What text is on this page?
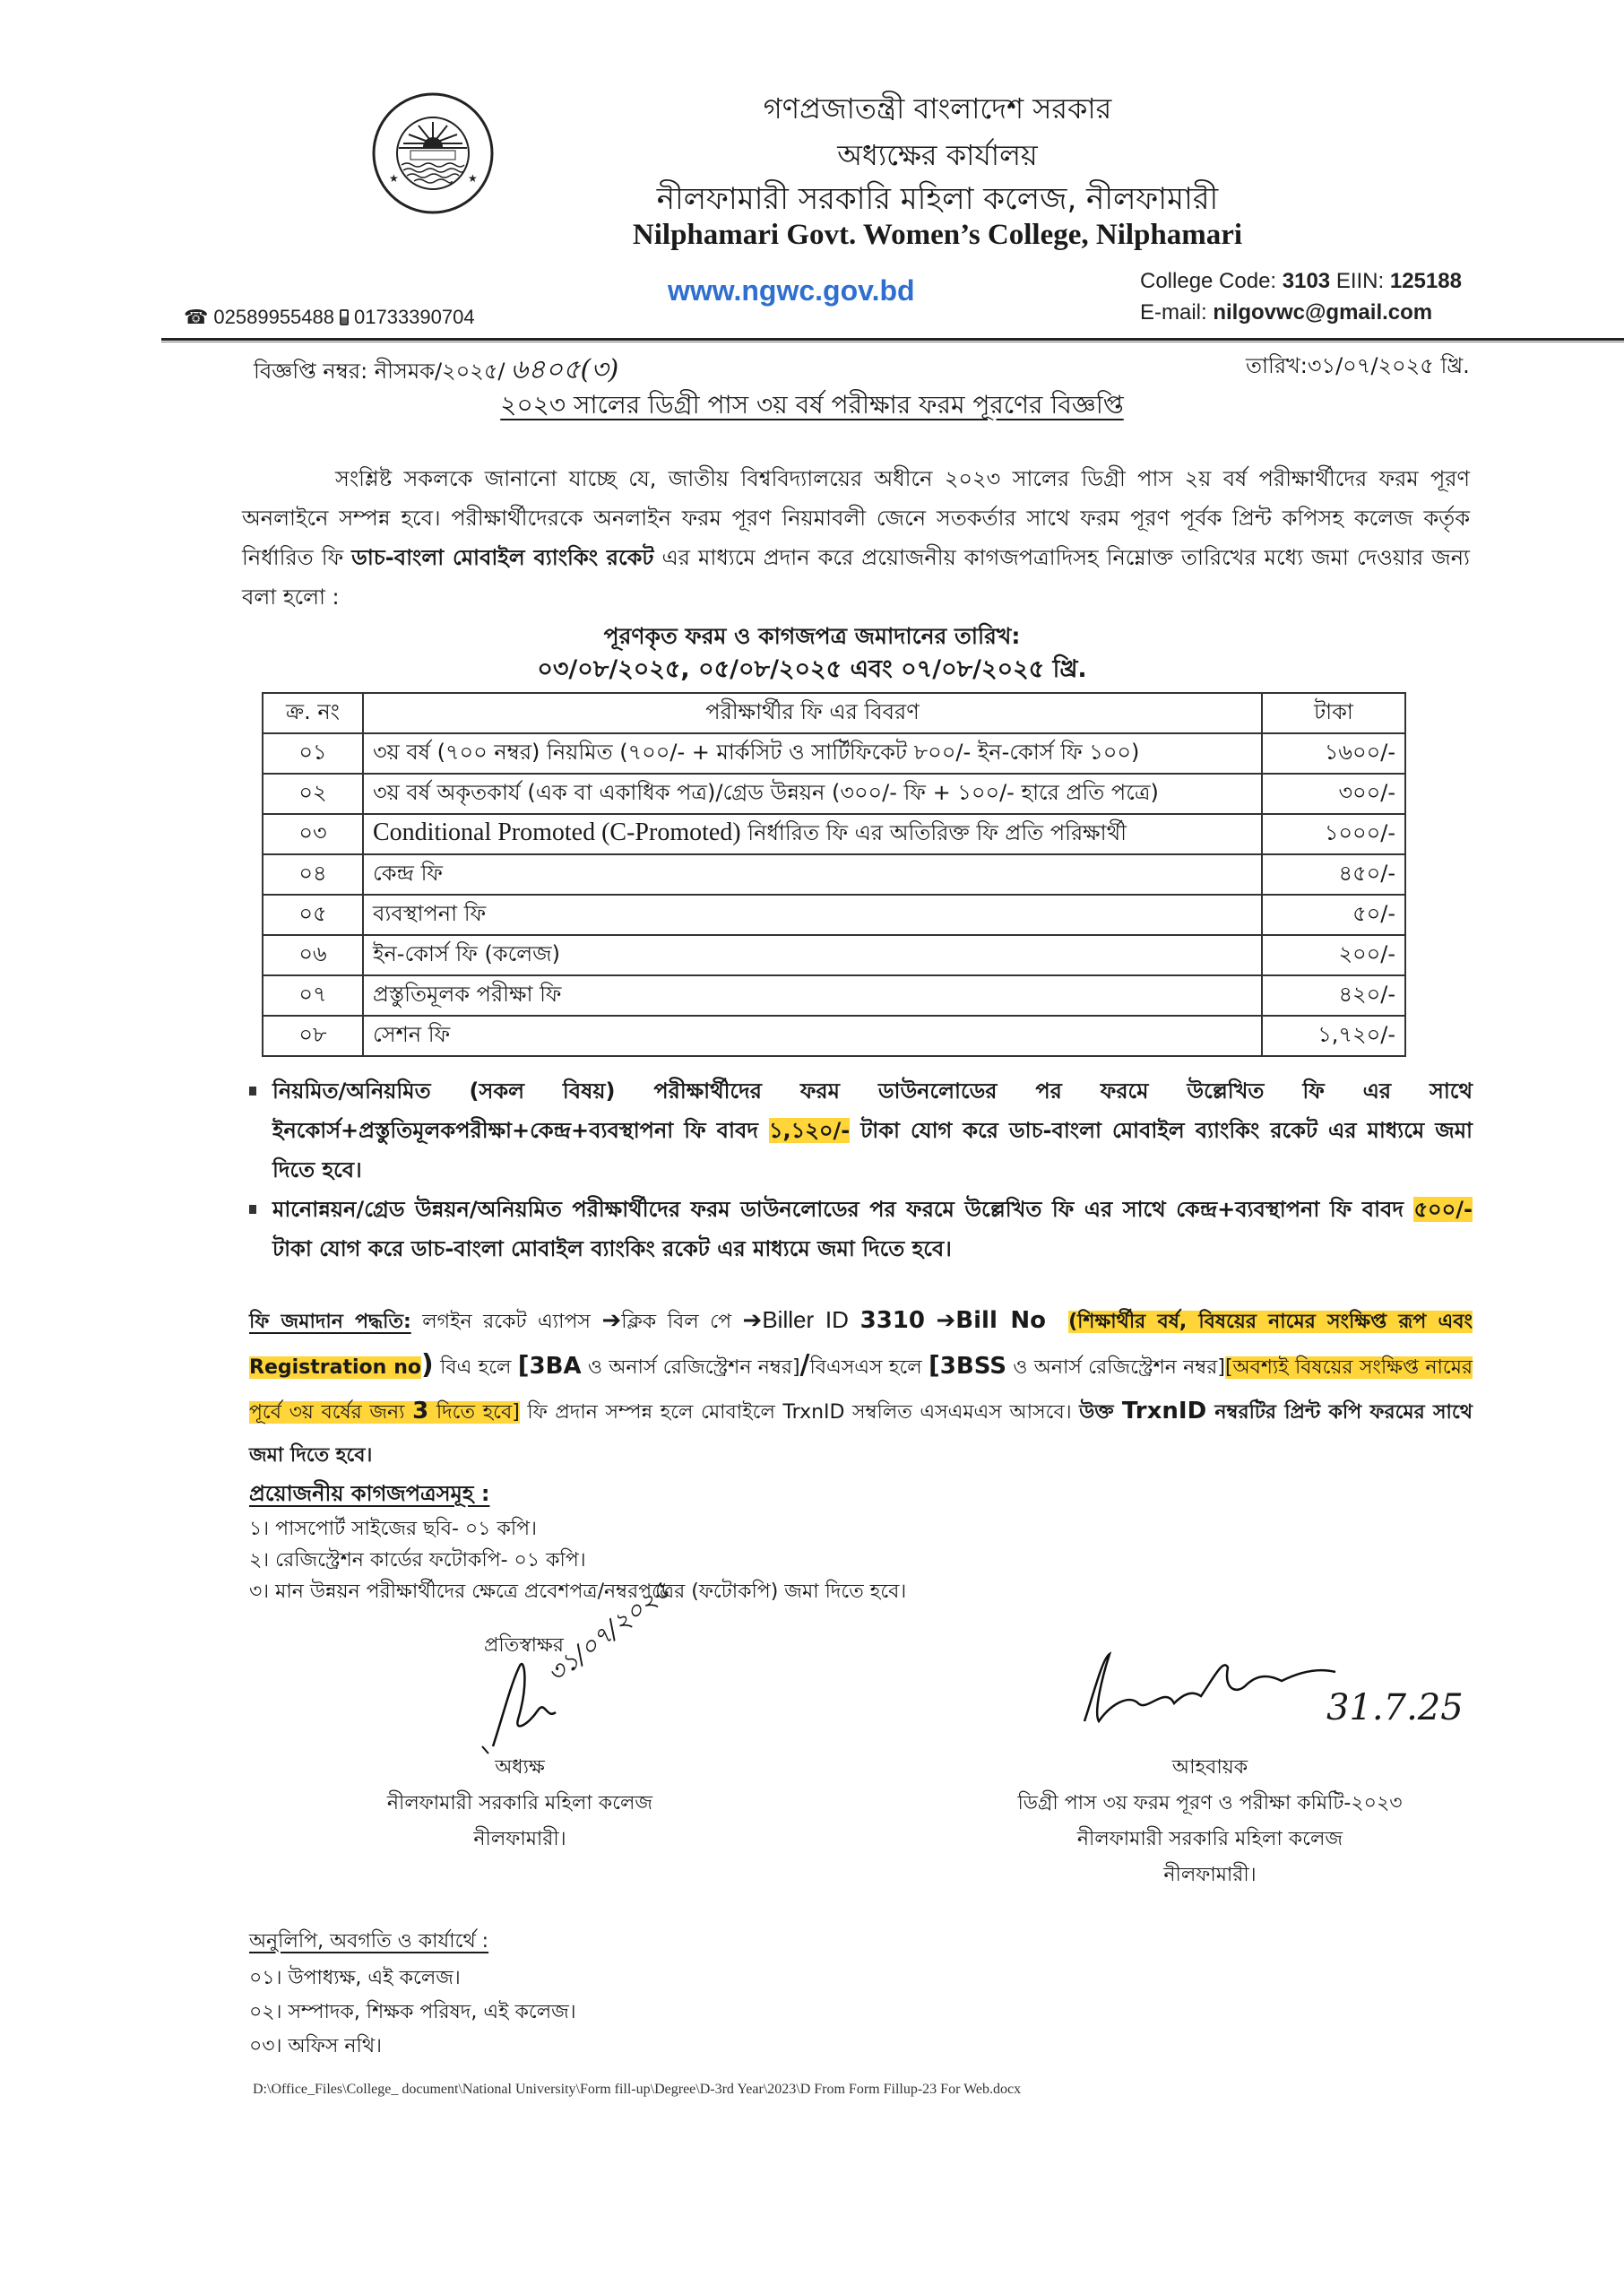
★	★
গণপ্রজাতন্ত্রী বাংলাদেশ সরকার
অধ্যক্ষের কার্যালয়
নীলফামারী সরকারি মহিলা কলেজ, নীলফামারী
Nilphamari Govt. Women’s College, Nilphamari
www.ngwc.gov.bd	College Code: 3103 EIIN: 125188
E-mail: nilgovwc@gmail.com
☎ 02589955488 01733390704
বিজ্ঞপ্তি নম্বর: নীসমক/২০২৫/ ৬৪০৫(৩)	তারিখ:৩১/০৭/২০২৫ খ্রি.
২০২৩ সালের ডিগ্রী পাস ৩য় বর্ষ পরীক্ষার ফরম পূরণের বিজ্ঞপ্তি
সংশ্লিষ্ট সকলকে জানানো যাচ্ছে যে, জাতীয় বিশ্ববিদ্যালয়ের অধীনে ২০২৩ সালের ডিগ্রী পাস ২য় বর্ষ পরীক্ষার্থীদের ফরম পূরণ অনলাইনে সম্পন্ন হবে। পরীক্ষার্থীদেরকে অনলাইন ফরম পূরণ নিয়মাবলী জেনে সতকর্তার সাথে ফরম পূরণ পূর্বক প্রিন্ট কপিসহ কলেজ কর্তৃক নির্ধারিত ফি ডাচ-বাংলা মোবাইল ব্যাংকিং রকেট এর মাধ্যমে প্রদান করে প্রয়োজনীয় কাগজপত্রাদিসহ নিম্নোক্ত তারিখের মধ্যে জমা দেওয়ার জন্য বলা হলো :
পূরণকৃত ফরম ও কাগজপত্র জমাদানের তারিখ:
০৩/০৮/২০২৫, ০৫/০৮/২০২৫ এবং ০৭/০৮/২০২৫ খ্রি.
ক্র. নং	পরীক্ষার্থীর ফি এর বিবরণ	টাকা
০১	৩য় বর্ষ (৭০০ নম্বর) নিয়মিত (৭০০/- + মার্কসিট ও সার্টিফিকেট ৮০০/- ইন-কোর্স ফি ১০০)	১৬০০/-
০২	৩য় বর্ষ অকৃতকার্য (এক বা একাধিক পত্র)/গ্রেড উন্নয়ন (৩০০/- ফি + ১০০/- হারে প্রতি পত্রে)	৩০০/-
০৩	Conditional Promoted (C-Promoted) নির্ধারিত ফি এর অতিরিক্ত ফি প্রতি পরিক্ষার্থী	১০০০/-
০৪	কেন্দ্র ফি	৪৫০/-
০৫	ব্যবস্থাপনা ফি	৫০/-
০৬	ইন-কোর্স ফি (কলেজ)	২০০/-
০৭	প্রস্তুতিমূলক পরীক্ষা ফি	৪২০/-
০৮	সেশন ফি	১,৭২০/-
নিয়মিত/অনিয়মিত (সকল বিষয়) পরীক্ষার্থীদের ফরম ডাউনলোডের পর ফরমে উল্লেখিত ফি এর সাথে ইনকোর্স+প্রস্তুতিমূলকপরীক্ষা+কেন্দ্র+ব্যবস্থাপনা ফি বাবদ ১,১২০/- টাকা যোগ করে ডাচ-বাংলা মোবাইল ব্যাংকিং রকেট এর মাধ্যমে জমা দিতে হবে।
মানোন্নয়ন/গ্রেড উন্নয়ন/অনিয়মিত পরীক্ষার্থীদের ফরম ডাউনলোডের পর ফরমে উল্লেখিত ফি এর সাথে কেন্দ্র+ব্যবস্থাপনা ফি বাবদ ৫০০/- টাকা যোগ করে ডাচ-বাংলা মোবাইল ব্যাংকিং রকেট এর মাধ্যমে জমা দিতে হবে।
ফি জমাদান পদ্ধতি: লগইন রকেট এ্যাপস ➔ক্লিক বিল পে ➔Biller ID 3310 ➔Bill No (শিক্ষার্থীর বর্ষ, বিষয়ের নামের সংক্ষিপ্ত রূপ এবং Registration no) বিএ হলে [3BA ও অনার্স রেজিস্ট্রেশন নম্বর]/বিএসএস হলে [3BSS ও অনার্স রেজিস্ট্রেশন নম্বর][অবশ্যই বিষয়ের সংক্ষিপ্ত নামের পূর্বে ৩য় বর্ষের জন্য 3 দিতে হবে] ফি প্রদান সম্পন্ন হলে মোবাইলে TrxnID সম্বলিত এসএমএস আসবে। উক্ত TrxnID নম্বরটির প্রিন্ট কপি ফরমের সাথে জমা দিতে হবে।
প্রয়োজনীয় কাগজপত্রসমূহ :
১। পাসপোর্ট সাইজের ছবি- ০১ কপি।
২। রেজিস্ট্রেশন কার্ডের ফটোকপি- ০১ কপি।
৩। মান উন্নয়ন পরীক্ষার্থীদের ক্ষেত্রে প্রবেশপত্র/নম্বরপত্রের (ফটোকপি) জমা দিতে হবে।
প্রতিস্বাক্ষর
৩১/০৭/২০২৫
31.7.25
অধ্যক্ষ
নীলফামারী সরকারি মহিলা কলেজ
নীলফামারী।
আহবায়ক
ডিগ্রী পাস ৩য় ফরম পূরণ ও পরীক্ষা কমিটি-২০২৩
নীলফামারী সরকারি মহিলা কলেজ
নীলফামারী।
অনুলিপি, অবগতি ও কার্যার্থে :
০১। উপাধ্যক্ষ, এই কলেজ।
০২। সম্পাদক, শিক্ষক পরিষদ, এই কলেজ।
০৩। অফিস নথি।
D:\Office_Files\College_ document\National University\Form fill-up\Degree\D-3rd Year\2023\D From Form Fillup-23 For Web.docx
